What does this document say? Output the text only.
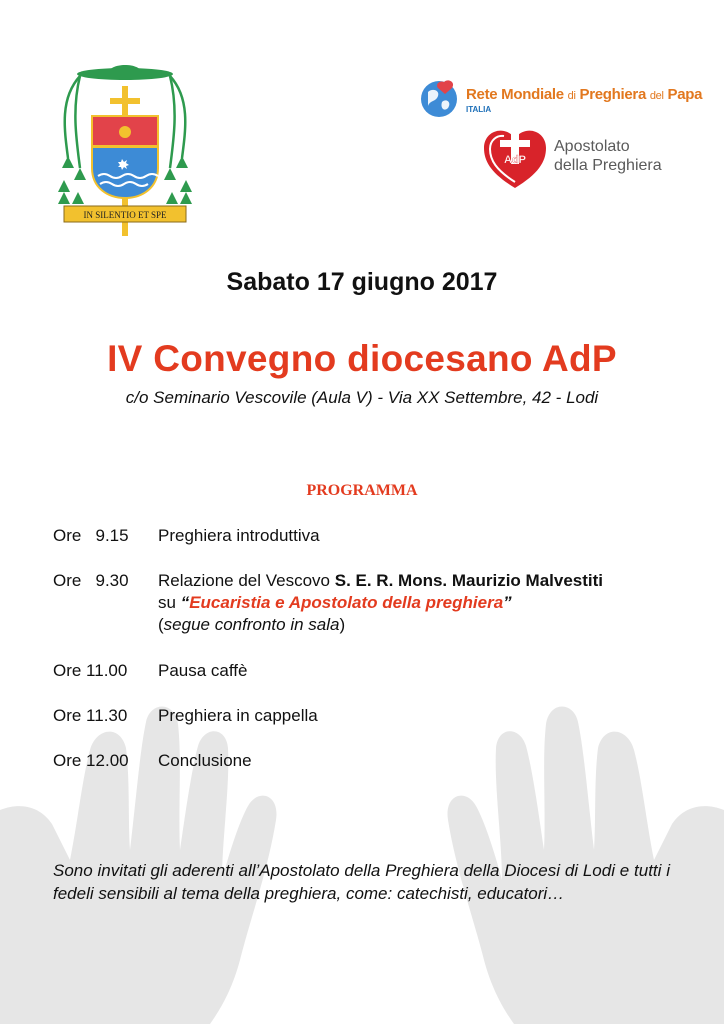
IN SILENTIO ET SPE
Rete Mondiale di Preghiera del Papa
ITALIA
AdP
Apostolato
della Preghiera
Sabato 17 giugno 2017
IV Convegno diocesano AdP
c/o Seminario Vescovile (Aula V) - Via XX Settembre, 42 - Lodi
PROGRAMMA
Ore   9.15 Preghiera introduttiva
Ore   9.30 Relazione del Vescovo S. E. R. Mons. Maurizio Malvestiti
su “Eucaristia e Apostolato della preghiera”
(segue confronto in sala)
Ore 11.00 Pausa caffè
Ore 11.30 Preghiera in cappella
Ore 12.00 Conclusione
Sono invitati gli aderenti all’Apostolato della Preghiera della Diocesi di Lodi e tutti i fedeli sensibili al tema della preghiera, come: catechisti, educatori…
